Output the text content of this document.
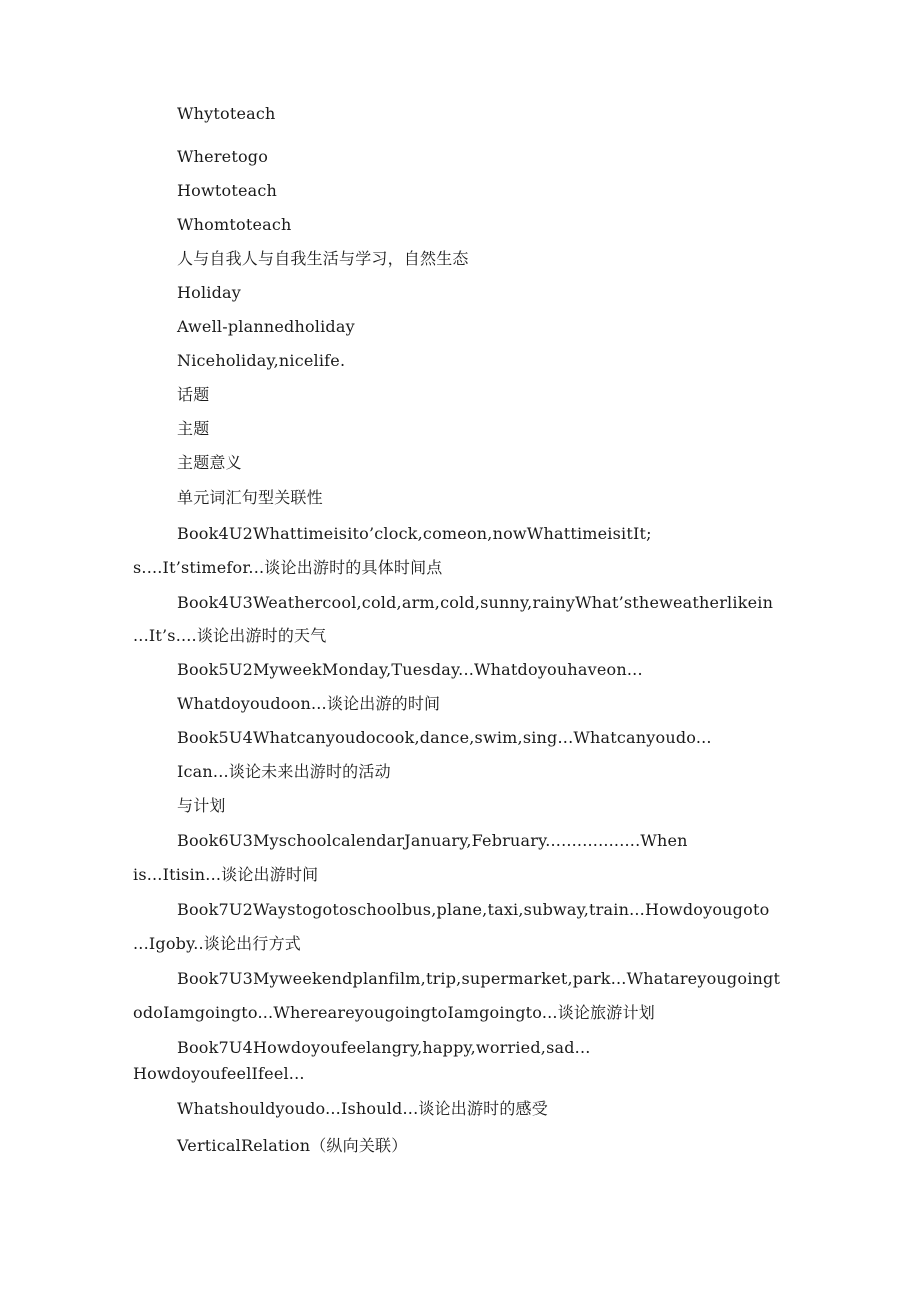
Whytoteach
Wheretogo
Howtoteach
Whomtoteach
人与自我人与自我生活与学习，自然生态
Holiday
Awell-plannedholiday
Niceholiday,nicelife.
话题
主题
主题意义
单元词汇句型关联性
Book4U2Whattimeisito’clock,comeon,nowWhattimeisitIt;
s....It’stimefor...谈论出游时的具体时间点
Book4U3Weathercool,cold,arm,cold,sunny,rainyWhat’stheweatherlikein
...It’s....谈论出游时的天气
Book5U2MyweekMonday,Tuesday...Whatdoyouhaveon...
Whatdoyoudoon...谈论出游的时间
Book5U4Whatcanyoudocook,dance,swim,sing...Whatcanyoudo...
Ican...谈论未来出游时的活动
与计划
Book6U3MyschoolcalendarJanuary,February..................When
is...Itisin...谈论出游时间
Book7U2Waystogotoschoolbus,plane,taxi,subway,train...Howdoyougoto
...Igoby..谈论出行方式
Book7U3Myweekendplanfilm,trip,supermarket,park...Whatareyougoingt
odoIamgoingto...WhereareyougoingtoIamgoingto...谈论旅游计划
Book7U4Howdoyoufeelangry,happy,worried,sad...
HowdoyoufeelIfeel...
Whatshouldyoudo...Ishould...谈论出游时的感受
VerticalRelation（纵向关联）
